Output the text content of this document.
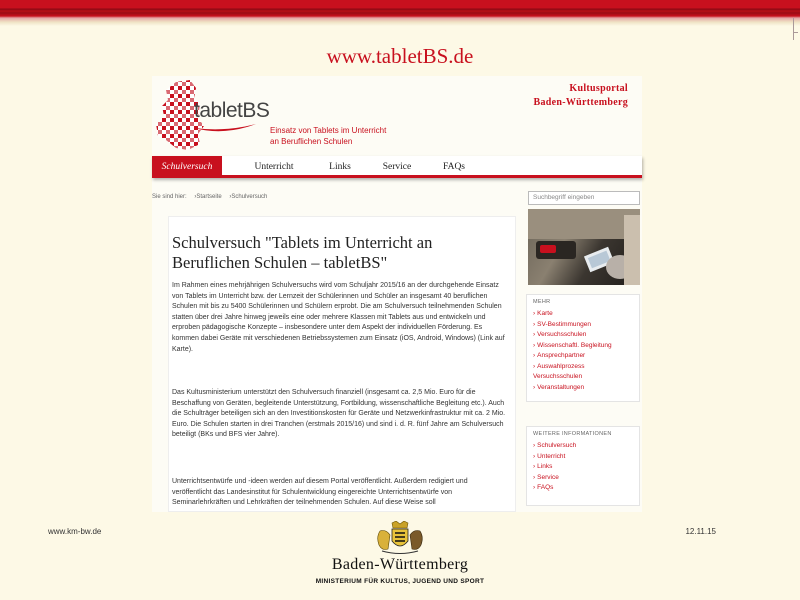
www.tabletBS.de
tabletBS
Einsatz von Tablets im Unterricht
an Beruflichen Schulen
Kultusportal
Baden-Württemberg
Schulversuch	Unterricht	Links	Service	FAQs
Sie sind hier: ›Startseite ›Schulversuch
Schulversuch "Tablets im Unterricht an Beruflichen Schulen – tabletBS"
Im Rahmen eines mehrjährigen Schulversuchs wird vom Schuljahr 2015/16 an der durchgehende Einsatz von Tablets im Unterricht bzw. der Lernzeit der Schülerinnen und Schüler an insgesamt 40 beruflichen Schulen mit bis zu 5400 Schülerinnen und Schülern erprobt. Die am Schulversuch teilnehmenden Schulen statten über drei Jahre hinweg jeweils eine oder mehrere Klassen mit Tablets aus und entwickeln und erproben pädagogische Konzepte – insbesondere unter dem Aspekt der individuellen Förderung. Es kommen dabei Geräte mit verschiedenen Betriebssystemen zum Einsatz (iOS, Android, Windows) (Link auf Karte).
Das Kultusministerium unterstützt den Schulversuch finanziell (insgesamt ca. 2,5 Mio. Euro für die Beschaffung von Geräten, begleitende Unterstützung, Fortbildung, wissenschaftliche Begleitung etc.). Auch die Schulträger beteiligen sich an den Investitionskosten für Geräte und Netzwerkinfrastruktur mit ca. 2 Mio. Euro. Die Schulen starten in drei Tranchen (erstmals 2015/16) und sind i. d. R. fünf Jahre am Schulversuch beteiligt (BKs und BFS vier Jahre).
Unterrichtsentwürfe und -ideen werden auf diesem Portal veröffentlicht. Außerdem redigiert und veröffentlicht das Landesinstitut für Schulentwicklung eingereichte Unterrichtsentwürfe von Seminarlehrkräften und Lehrkräften der teilnehmenden Schulen. Auf diese Weise soll
Suchbegriff eingeben
MEHR
› Karte
› SV-Bestimmungen
› Versuchsschulen
› Wissenschaftl. Begleitung
› Ansprechpartner
› Auswahlprozess Versuchsschulen
› Veranstaltungen
WEITERE INFORMATIONEN
› Schulversuch
› Unterricht
› Links
› Service
› FAQs
www.km-bw.de	12.11.15
Baden-Württemberg
MINISTERIUM FÜR KULTUS, JUGEND UND SPORT
